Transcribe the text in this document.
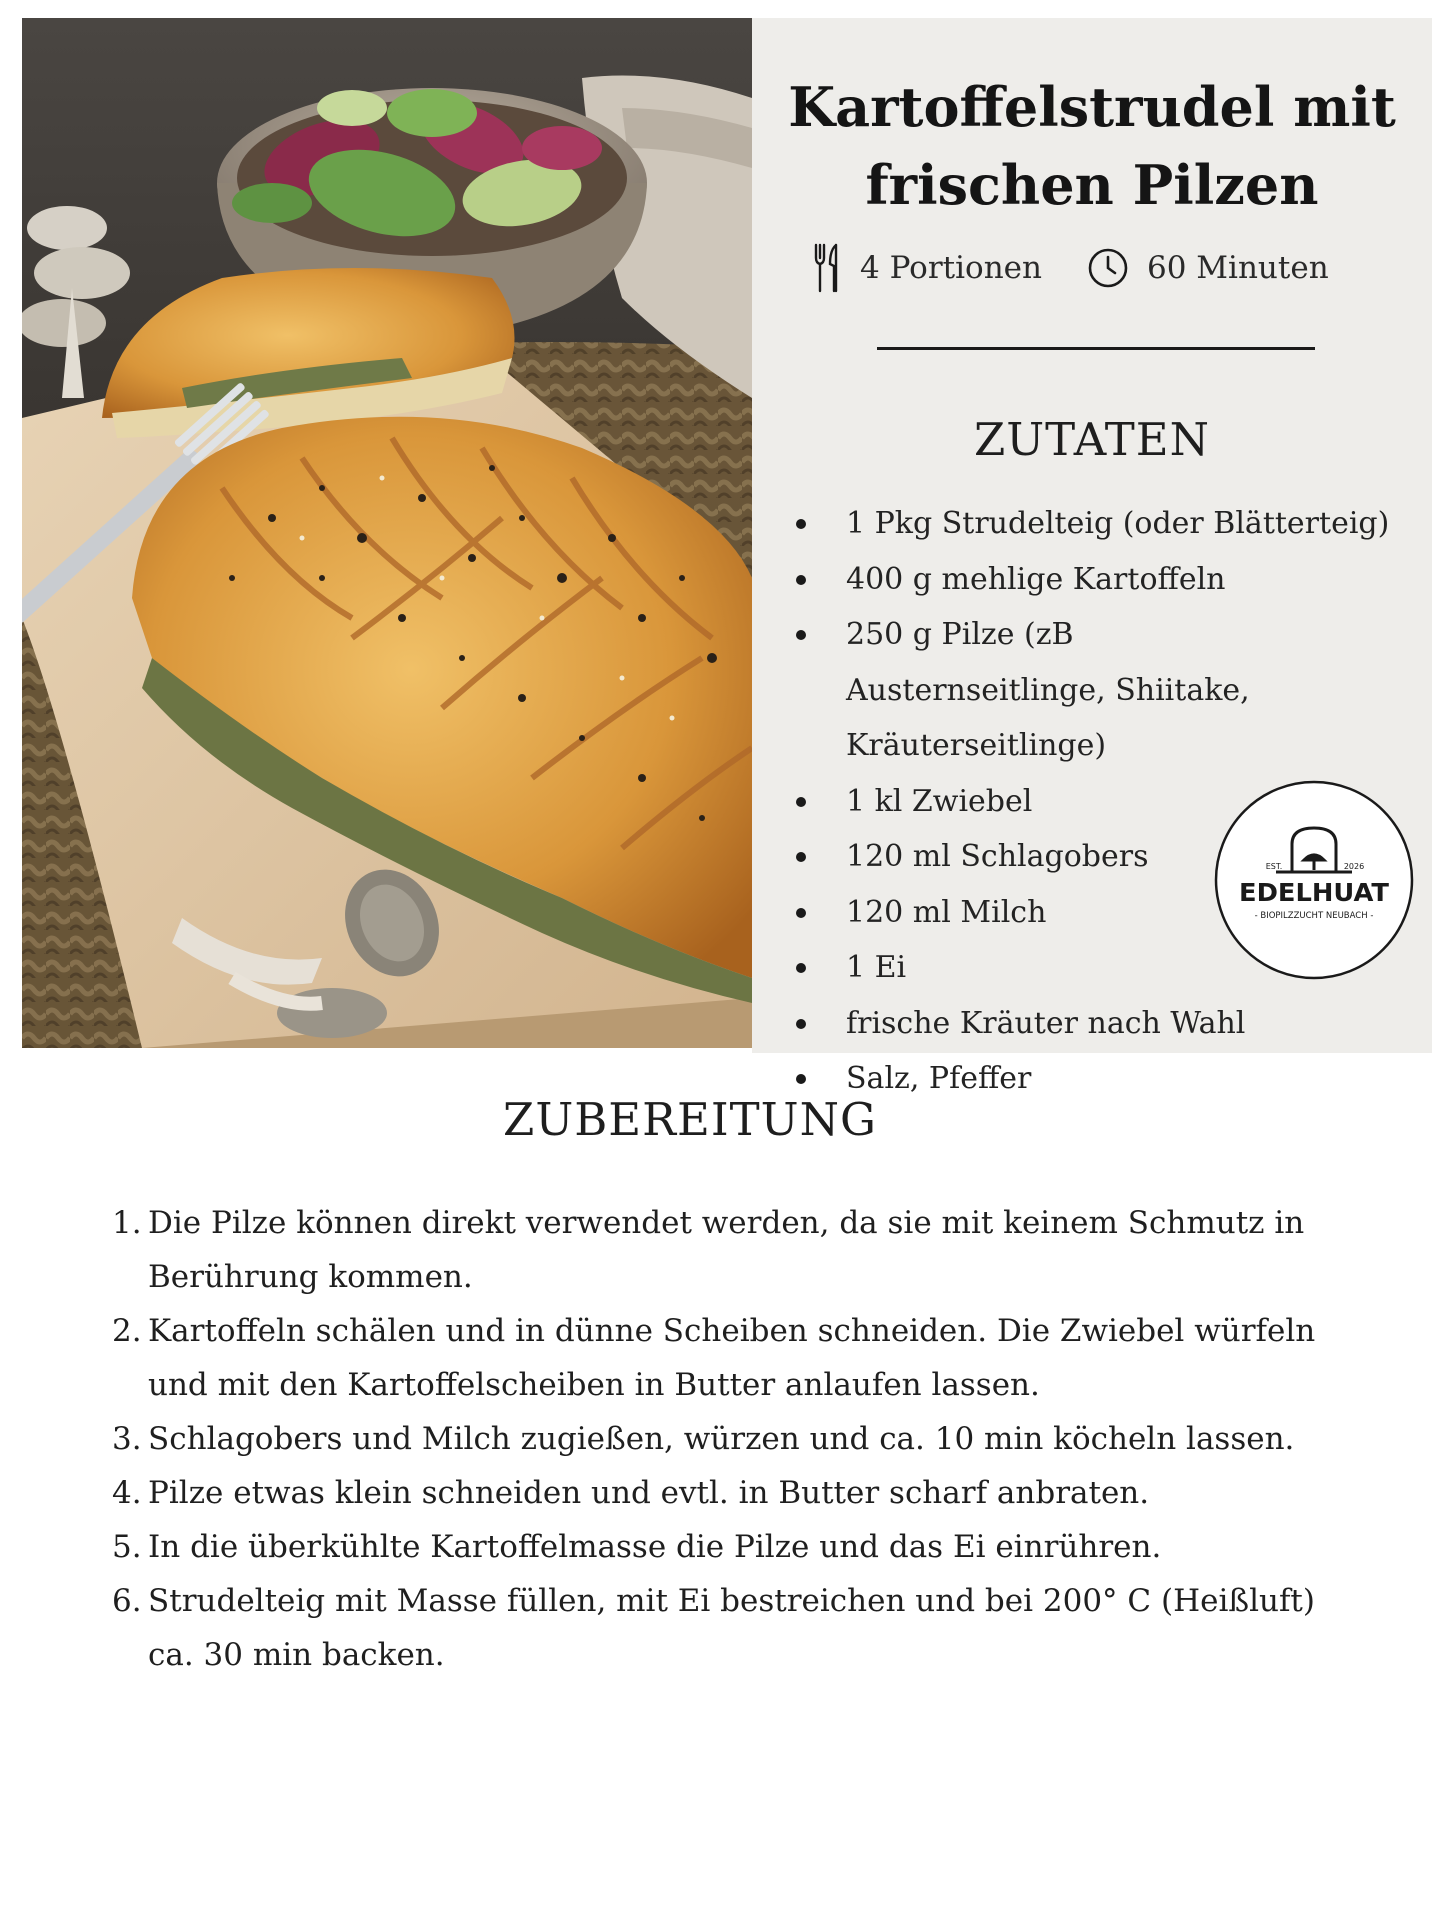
Kartoffelstrudel mit
frischen Pilzen
4 Portionen	60 Minuten
ZUTATEN
1 Pkg Strudelteig (oder Blätterteig)
400 g mehlige Kartoffeln
250 g Pilze (zB Austernseitlinge, Shiitake, Kräuterseitlinge)
1 kl Zwiebel
120 ml Schlagobers
120 ml Milch
1 Ei
frische Kräuter nach Wahl
Salz, Pfeffer
EST.	2026
EDELHUAT
- BIOPILZZUCHT NEUBACH -
ZUBEREITUNG
1. Die Pilze können direkt verwendet werden, da sie mit keinem Schmutz in Berührung kommen.
2. Kartoffeln schälen und in dünne Scheiben schneiden. Die Zwiebel würfeln und mit den Kartoffelscheiben in Butter anlaufen lassen.
3. Schlagobers und Milch zugießen, würzen und ca. 10 min köcheln lassen.
4. Pilze etwas klein schneiden und evtl. in Butter scharf anbraten.
5. In die überkühlte Kartoffelmasse die Pilze und das Ei einrühren.
6. Strudelteig mit Masse füllen, mit Ei bestreichen und bei 200° C (Heißluft) ca. 30 min backen.
